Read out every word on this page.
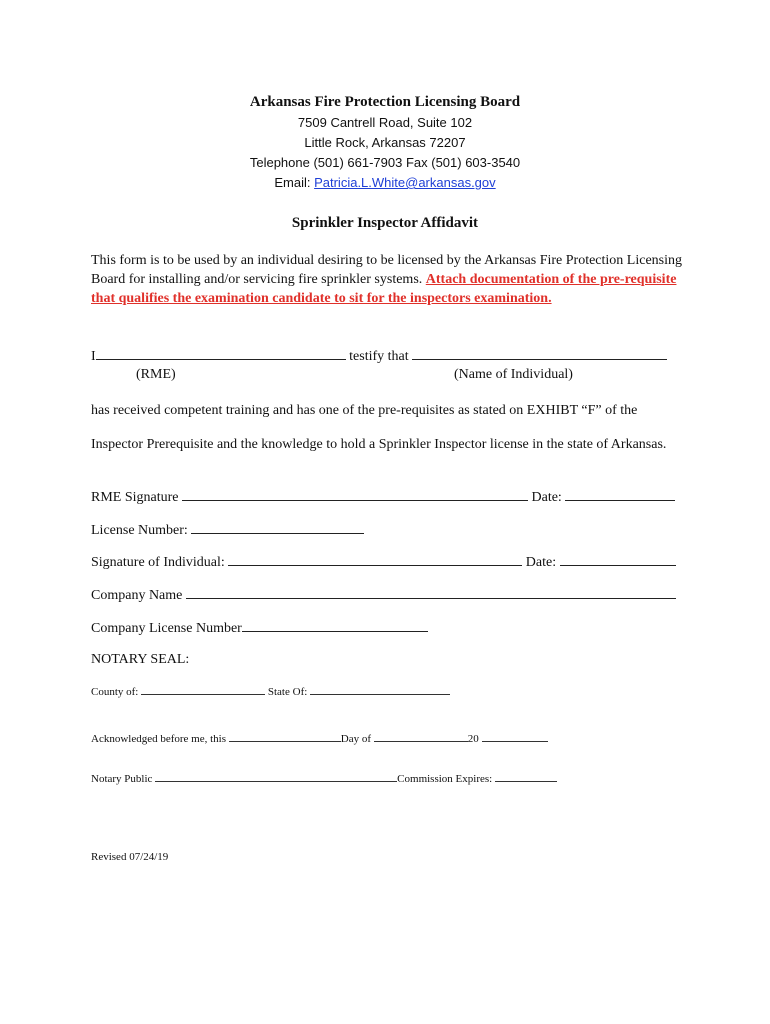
Arkansas Fire Protection Licensing Board
7509 Cantrell Road, Suite 102
Little Rock, Arkansas 72207
Telephone (501) 661-7903 Fax (501) 603-3540
Email: Patricia.L.White@arkansas.gov
Sprinkler Inspector Affidavit
This form is to be used by an individual desiring to be licensed by the Arkansas Fire Protection Licensing
Board for installing and/or servicing fire sprinkler systems. Attach documentation of the pre-requisite
that qualifies the examination candidate to sit for the inspectors examination.
I	testify that
(RME)	(Name of Individual)
has received competent training and has one of the pre-requisites as stated on EXHIBT “F” of the
Inspector Prerequisite and the knowledge to hold a Sprinkler Inspector license in the state of Arkansas.
RME Signature	Date:
License Number:
Signature of Individual:	Date:
Company Name
Company License Number
NOTARY SEAL:
County of:	State Of:
Acknowledged before me, this	Day of	20
Notary Public	Commission Expires:
Revised 07/24/19
